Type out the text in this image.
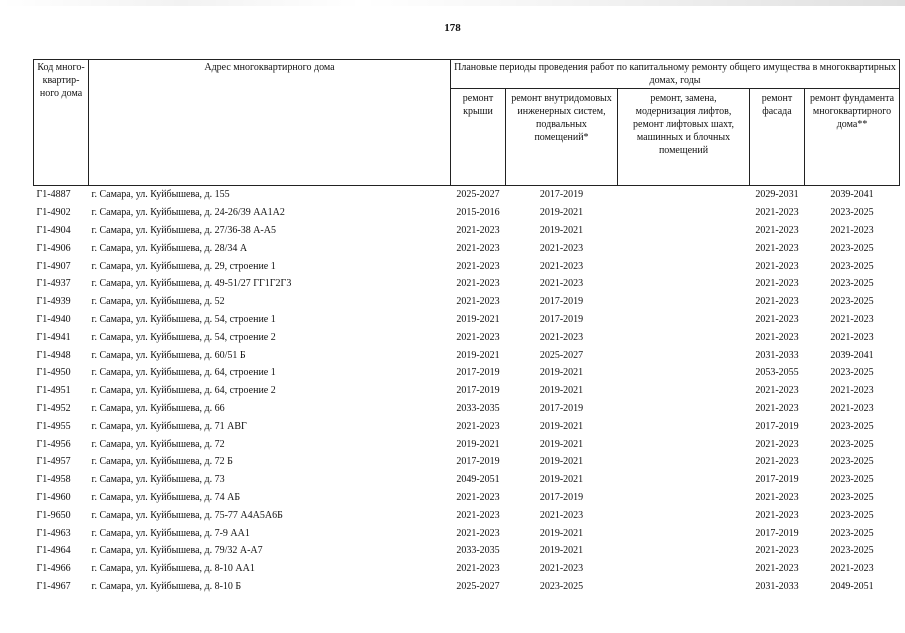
178
Код много-квартир-ного дома	Адрес многоквартирного дома	Плановые периоды проведения работ по капитальному ремонту общего имущества в многоквартирных домах, годы				
		ремонт крыши	ремонт внутридомовых инженерных систем, подвальных помещений*	ремонт, замена, модернизация лифтов, ремонт лифтовых шахт, машинных и блочных помещений	ремонт фасада	ремонт фундамента многоквартирного дома**
Г1-4887	г. Самара, ул. Куйбышева, д. 155	2025-2027	2017-2019		2029-2031	2039-2041
Г1-4902	г. Самара, ул. Куйбышева, д. 24-26/39 АА1А2	2015-2016	2019-2021		2021-2023	2023-2025
Г1-4904	г. Самара, ул. Куйбышева, д. 27/36-38 А-А5	2021-2023	2019-2021		2021-2023	2021-2023
Г1-4906	г. Самара, ул. Куйбышева, д. 28/34 А	2021-2023	2021-2023		2021-2023	2023-2025
Г1-4907	г. Самара, ул. Куйбышева, д. 29, строение 1	2021-2023	2021-2023		2021-2023	2023-2025
Г1-4937	г. Самара, ул. Куйбышева, д. 49-51/27 ГГ1Г2Г3	2021-2023	2021-2023		2021-2023	2023-2025
Г1-4939	г. Самара, ул. Куйбышева, д. 52	2021-2023	2017-2019		2021-2023	2023-2025
Г1-4940	г. Самара, ул. Куйбышева, д. 54, строение 1	2019-2021	2017-2019		2021-2023	2021-2023
Г1-4941	г. Самара, ул. Куйбышева, д. 54, строение 2	2021-2023	2021-2023		2021-2023	2021-2023
Г1-4948	г. Самара, ул. Куйбышева, д. 60/51 Б	2019-2021	2025-2027		2031-2033	2039-2041
Г1-4950	г. Самара, ул. Куйбышева, д. 64, строение 1	2017-2019	2019-2021		2053-2055	2023-2025
Г1-4951	г. Самара, ул. Куйбышева, д. 64, строение 2	2017-2019	2019-2021		2021-2023	2021-2023
Г1-4952	г. Самара, ул. Куйбышева, д. 66	2033-2035	2017-2019		2021-2023	2021-2023
Г1-4955	г. Самара, ул. Куйбышева, д. 71 АВГ	2021-2023	2019-2021		2017-2019	2023-2025
Г1-4956	г. Самара, ул. Куйбышева, д. 72	2019-2021	2019-2021		2021-2023	2023-2025
Г1-4957	г. Самара, ул. Куйбышева, д. 72 Б	2017-2019	2019-2021		2021-2023	2023-2025
Г1-4958	г. Самара, ул. Куйбышева, д. 73	2049-2051	2019-2021		2017-2019	2023-2025
Г1-4960	г. Самара, ул. Куйбышева, д. 74 АБ	2021-2023	2017-2019		2021-2023	2023-2025
Г1-9650	г. Самара, ул. Куйбышева, д. 75-77 А4А5А6Б	2021-2023	2021-2023		2021-2023	2023-2025
Г1-4963	г. Самара, ул. Куйбышева, д. 7-9 АА1	2021-2023	2019-2021		2017-2019	2023-2025
Г1-4964	г. Самара, ул. Куйбышева, д. 79/32 А-А7	2033-2035	2019-2021		2021-2023	2023-2025
Г1-4966	г. Самара, ул. Куйбышева, д. 8-10 АА1	2021-2023	2021-2023		2021-2023	2021-2023
Г1-4967	г. Самара, ул. Куйбышева, д. 8-10 Б	2025-2027	2023-2025		2031-2033	2049-2051
